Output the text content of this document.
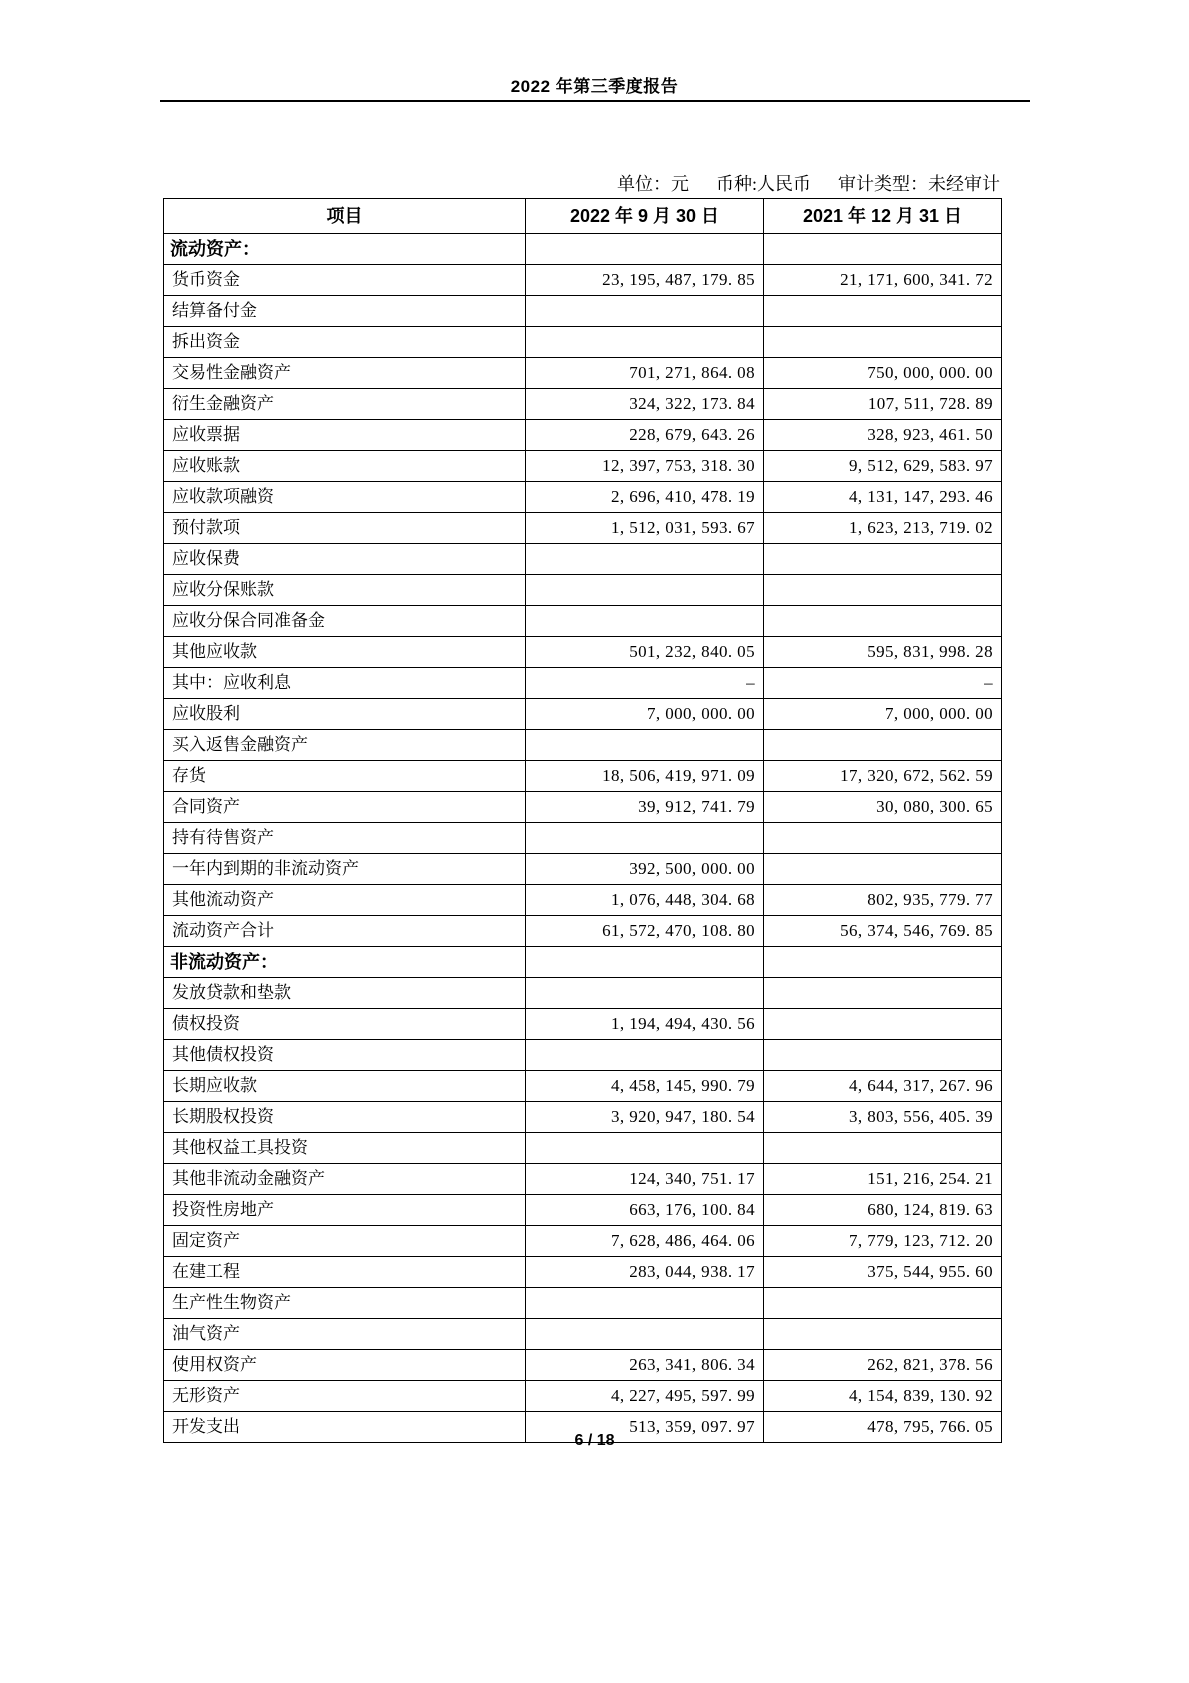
2022 年第三季度报告
单位：元 币种:人民币 审计类型：未经审计
项目	2022 年 9 月 30 日	2021 年 12 月 31 日
流动资产：		
货币资金	23, 195, 487, 179. 85	21, 171, 600, 341. 72
结算备付金		
拆出资金		
交易性金融资产	701, 271, 864. 08	750, 000, 000. 00
衍生金融资产	324, 322, 173. 84	107, 511, 728. 89
应收票据	228, 679, 643. 26	328, 923, 461. 50
应收账款	12, 397, 753, 318. 30	9, 512, 629, 583. 97
应收款项融资	2, 696, 410, 478. 19	4, 131, 147, 293. 46
预付款项	1, 512, 031, 593. 67	1, 623, 213, 719. 02
应收保费		
应收分保账款		
应收分保合同准备金		
其他应收款	501, 232, 840. 05	595, 831, 998. 28
其中：应收利息	–	–
应收股利	7, 000, 000. 00	7, 000, 000. 00
买入返售金融资产		
存货	18, 506, 419, 971. 09	17, 320, 672, 562. 59
合同资产	39, 912, 741. 79	30, 080, 300. 65
持有待售资产		
一年内到期的非流动资产	392, 500, 000. 00	
其他流动资产	1, 076, 448, 304. 68	802, 935, 779. 77
流动资产合计	61, 572, 470, 108. 80	56, 374, 546, 769. 85
非流动资产：		
发放贷款和垫款		
债权投资	1, 194, 494, 430. 56	
其他债权投资		
长期应收款	4, 458, 145, 990. 79	4, 644, 317, 267. 96
长期股权投资	3, 920, 947, 180. 54	3, 803, 556, 405. 39
其他权益工具投资		
其他非流动金融资产	124, 340, 751. 17	151, 216, 254. 21
投资性房地产	663, 176, 100. 84	680, 124, 819. 63
固定资产	7, 628, 486, 464. 06	7, 779, 123, 712. 20
在建工程	283, 044, 938. 17	375, 544, 955. 60
生产性生物资产		
油气资产		
使用权资产	263, 341, 806. 34	262, 821, 378. 56
无形资产	4, 227, 495, 597. 99	4, 154, 839, 130. 92
开发支出	513, 359, 097. 97	478, 795, 766. 05
6 / 18
